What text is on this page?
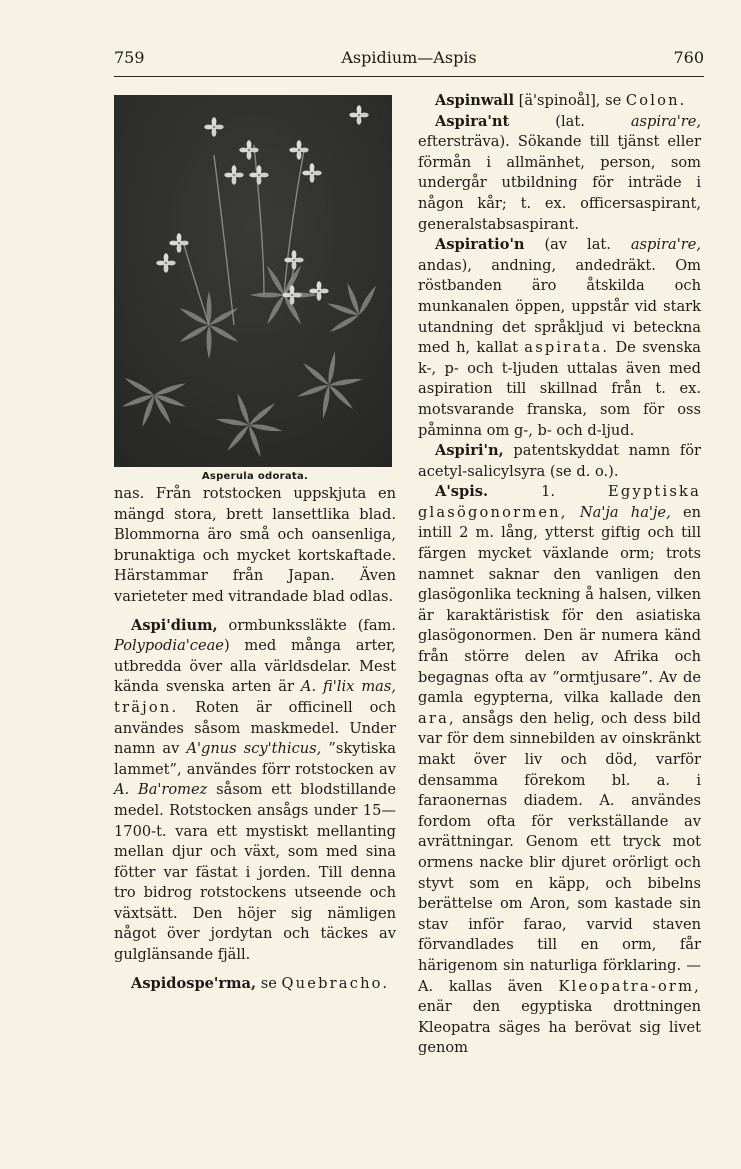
759	Aspidium—Aspis	760
Asperula odorata.

nas. Från rotstocken uppskjuta en mängd stora, brett lansettlika blad. Blommorna äro små och oansenliga, brunaktiga och mycket kortskaftade. Härstammar från Japan. Även varieteter med vitrandade blad odlas.

Aspi'dium, ormbunkssläkte (fam. Polypodia'ceae) med många arter, utbredda över alla världsdelar. Mest kända svenska arten är A. fi'lix mas, träjon. Roten är officinell och användes såsom maskmedel. Under namn av A'gnus scy'thicus, ”skytiska lammet”, användes förr rotstocken av A. Ba'romez såsom ett blodstillande medel. Rotstocken ansågs under 15—1700-t. vara ett mystiskt mellanting mellan djur och växt, som med sina fötter var fästat i jorden. Till denna tro bidrog rotstockens utseende och växtsätt. Den höjer sig nämligen något över jordytan och täckes av gulglänsande fjäll.

Aspidospe'rma, se Quebracho.

Aspinwall [ä'spinoål], se Colon.

Aspira'nt (lat. aspira're, eftersträva). Sökande till tjänst eller förmån i allmänhet, person, som undergår utbildning för inträde i någon kår; t. ex. officersaspirant, generalstabsaspirant.

Aspiratio'n (av lat. aspira're, andas), andning, andedräkt. Om röstbanden äro åtskilda och munkanalen öppen, uppstår vid stark utandning det språkljud vi beteckna med h, kallat aspirata. De svenska k-, p- och t-ljuden uttalas även med aspiration till skillnad från t. ex. motsvarande franska, som för oss påminna om g-, b- och d-ljud.

Aspiri'n, patentskyddat namn för acetyl-salicylsyra (se d. o.).

A'spis. 1. Egyptiska glasögonormen, Na'ja ha'je, en intill 2 m. lång, ytterst giftig och till färgen mycket växlande orm; trots namnet saknar den vanligen den glasögonlika teckning å halsen, vilken är karaktäristisk för den asiatiska glasögonormen. Den är numera känd från större delen av Afrika och begagnas ofta av ”ormtjusare”. Av de gamla egypterna, vilka kallade den ara, ansågs den helig, och dess bild var för dem sinnebilden av oinskränkt makt över liv och död, varför densamma förekom bl. a. i faraonernas diadem. A. användes fordom ofta för verkställande av avrättningar. Genom ett tryck mot ormens nacke blir djuret orörligt och styvt som en käpp, och bibelns berättelse om Aron, som kastade sin stav inför farao, varvid staven förvandlades till en orm, får härigenom sin naturliga förklaring. — A. kallas även Kleopatra-orm, enär den egyptiska drottningen Kleopatra säges ha berövat sig livet genom
